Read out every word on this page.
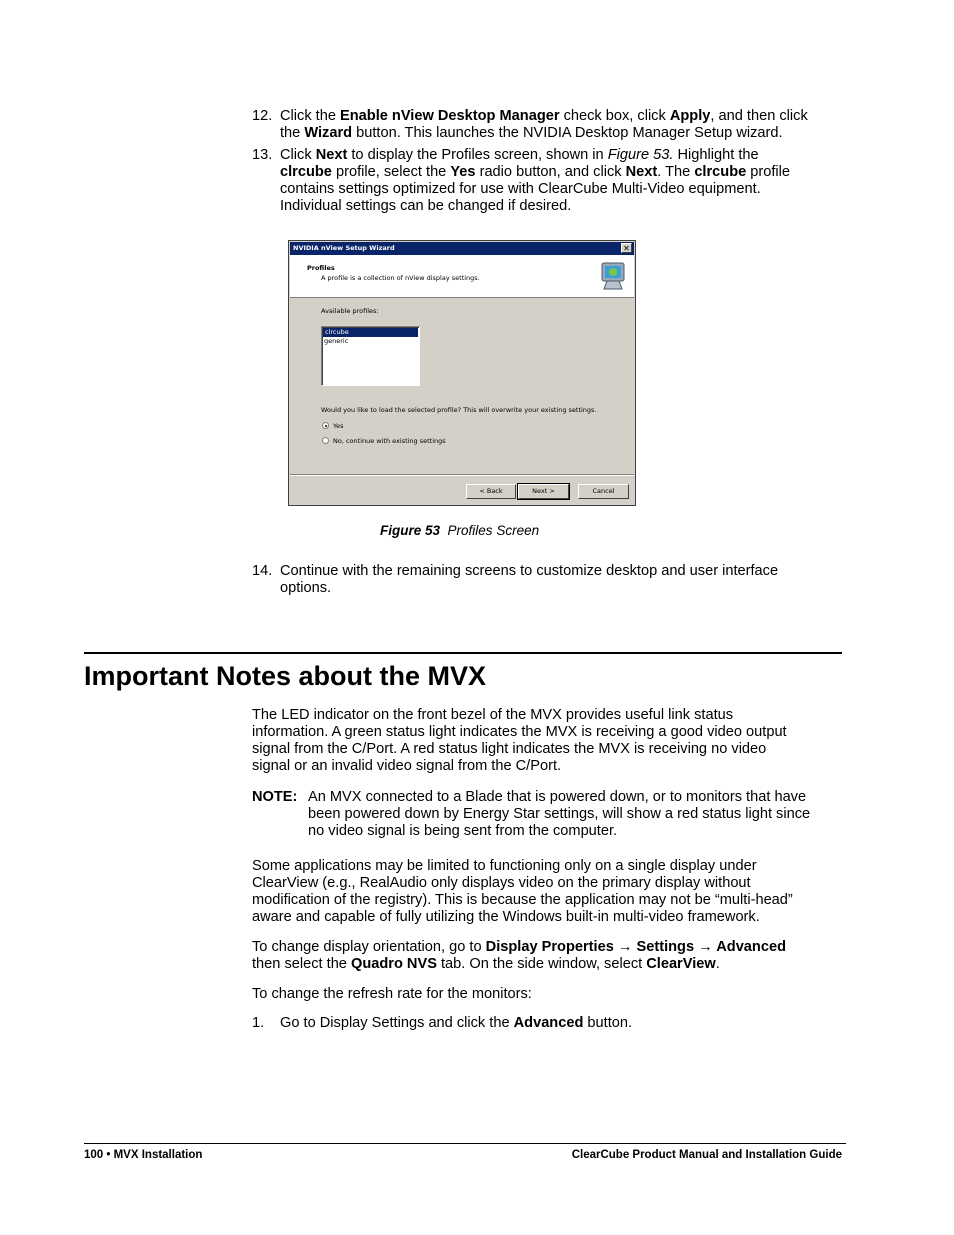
12. Click the Enable nView Desktop Manager check box, click Apply, and then click
the Wizard button. This launches the NVIDIA Desktop Manager Setup wizard.
13. Click Next to display the Profiles screen, shown in Figure 53. Highlight the
clrcube profile, select the Yes radio button, and click Next. The clrcube profile
contains settings optimized for use with ClearCube Multi-Video equipment.
Individual settings can be changed if desired.
NVIDIA nView Setup Wizard	✕
Profiles
A profile is a collection of nView display settings.
Available profiles:
clrcube
generic
Would you like to load the selected profile? This will overwrite your existing settings.
Yes
No, continue with existing settings
< Back	Next >	Cancel
Figure 53 Profiles Screen
14. Continue with the remaining screens to customize desktop and user interface
options.
Important Notes about the MVX
The LED indicator on the front bezel of the MVX provides useful link status
information. A green status light indicates the MVX is receiving a good video output
signal from the C/Port. A red status light indicates the MVX is receiving no video
signal or an invalid video signal from the C/Port.
NOTE: An MVX connected to a Blade that is powered down, or to monitors that have
been powered down by Energy Star settings, will show a red status light since
no video signal is being sent from the computer.
Some applications may be limited to functioning only on a single display under
ClearView (e.g., RealAudio only displays video on the primary display without
modification of the registry). This is because the application may not be “multi-head”
aware and capable of fully utilizing the Windows built-in multi-video framework.
To change display orientation, go to Display Properties → Settings → Advanced
then select the Quadro NVS tab. On the side window, select ClearView.
To change the refresh rate for the monitors:
1.	Go to Display Settings and click the Advanced button.
100 • MVX Installation	ClearCube Product Manual and Installation Guide
